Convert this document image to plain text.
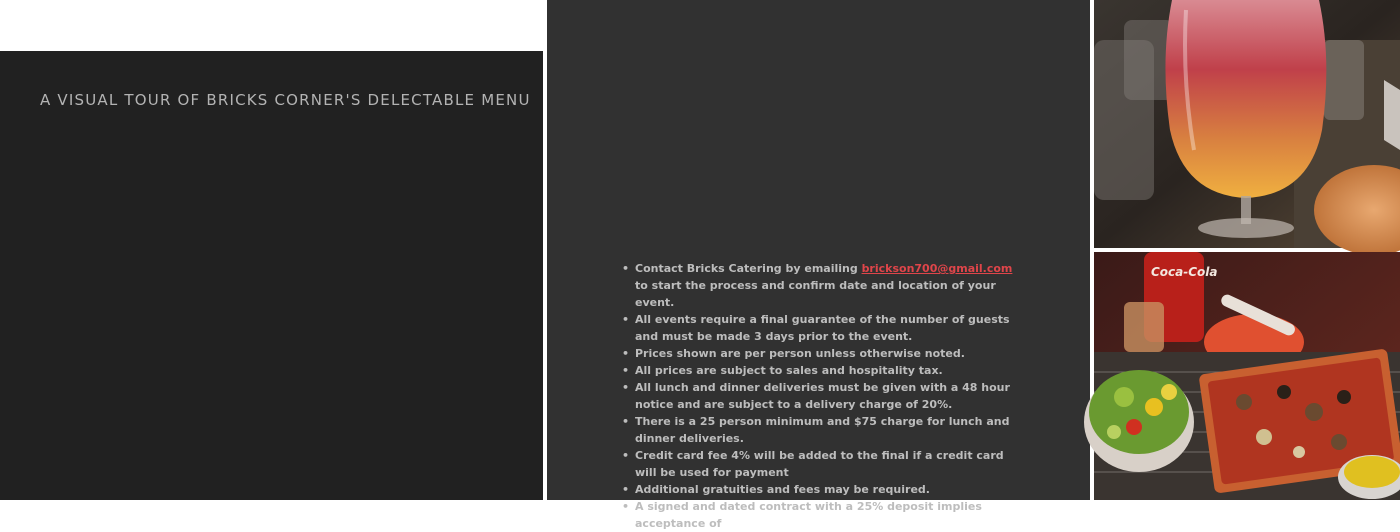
A VISUAL TOUR OF BRICKS CORNER'S DELECTABLE MENU
• Contact Bricks Catering by emailing brickson700@gmail.com to start the process and confirm date and location of your event.
• All events require a final guarantee of the number of guests and must be made 3 days prior to the event.
• Prices shown are per person unless otherwise noted.
• All prices are subject to sales and hospitality tax.
• All lunch and dinner deliveries must be given with a 48 hour notice and are subject to a delivery charge of 20%.
• There is a 25 person minimum and $75 charge for lunch and dinner deliveries.
• Credit card fee 4% will be added to the final if a credit card will be used for payment
• Additional gratuities and fees may be required.
• A signed and dated contract with a 25% deposit implies acceptance of
Coca-Cola
